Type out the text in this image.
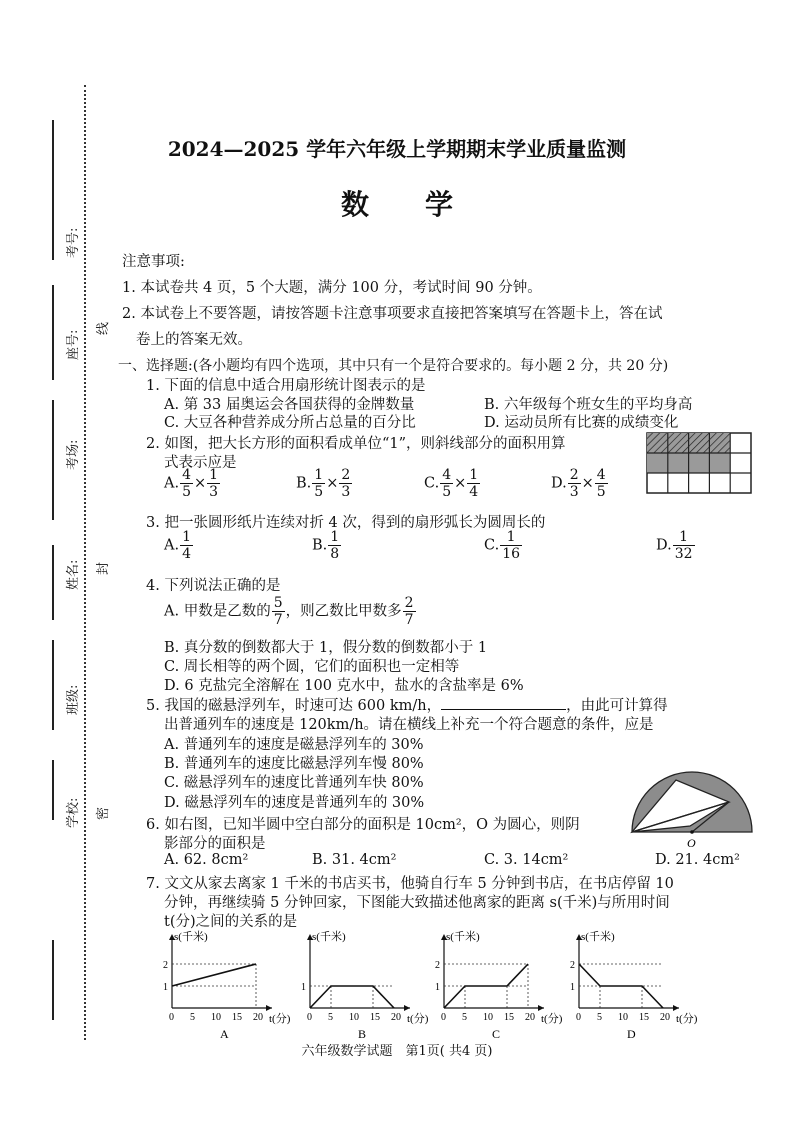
考号:
座号:
考场:
姓名:
班级:
学校:
线
封
密
2024—2025 学年六年级上学期期末学业质量监测
数　　学
注意事项:
1. 本试卷共 4 页，5 个大题，满分 100 分，考试时间 90 分钟。
2. 本试卷上不要答题，请按答题卡注意事项要求直接把答案填写在答题卡上，答在试
卷上的答案无效。
一、选择题:(各小题均有四个选项，其中只有一个是符合要求的。每小题 2 分，共 20 分)
1. 下面的信息中适合用扇形统计图表示的是
A. 第 33 届奥运会各国获得的金牌数量	B. 六年级每个班女生的平均身高
C. 大豆各种营养成分所占总量的百分比	D. 运动员所有比赛的成绩变化
2. 如图，把大长方形的面积看成单位“1”，则斜线部分的面积用算
式表示应是
A. $\frac{4}{5} \times \frac{1}{3}$	B. $\frac{1}{5} \times \frac{2}{3}$	C. $\frac{4}{5} \times \frac{1}{4}$	D. $\frac{2}{3} \times \frac{4}{5}$
3. 把一张圆形纸片连续对折 4 次，得到的扇形弧长为圆周长的
A. $\frac{1}{4}$	B. $\frac{1}{8}$	C. $\frac{1}{16}$	D. $\frac{1}{32}$
4. 下列说法正确的是
A. 甲数是乙数的 $\frac{5}{7}$ ，则乙数比甲数多 $\frac{2}{7}$
B. 真分数的倒数都大于 1，假分数的倒数都小于 1
C. 周长相等的两个圆，它们的面积也一定相等
D. 6 克盐完全溶解在 100 克水中，盐水的含盐率是 6%
5. 我国的磁悬浮列车，时速可达 600 km/h，	，由此可计算得
出普通列车的速度是 120km/h。请在横线上补充一个符合题意的条件，应是
A. 普通列车的速度是磁悬浮列车的 30%
B. 普通列车的速度比磁悬浮列车慢 80%
C. 磁悬浮列车的速度比普通列车快 80%
D. 磁悬浮列车的速度是普通列车的 30%
O
6. 如右图，已知半圆中空白部分的面积是 10cm²，O 为圆心，则阴
影部分的面积是
A. 62. 8cm²	B. 31. 4cm²	C. 3. 14cm²	D. 21. 4cm²
7. 文文从家去离家 1 千米的书店买书，他骑自行车 5 分钟到书店，在书店停留 10
分钟，再继续骑 5 分钟回家，下图能大致描述他离家的距离 s(千米)与所用时间
t(分)之间的关系的是
s(千米)
t(分)
0 5 10 15 20
1
2
A
s(千米)
t(分)
0 5 10 15 20
1
B
s(千米)
t(分)
0 5 10 15 20
1
2
C
s(千米)
t(分)
0 5 10 15 20
1
2
D
六年级数学试题　第1页( 共4 页)
